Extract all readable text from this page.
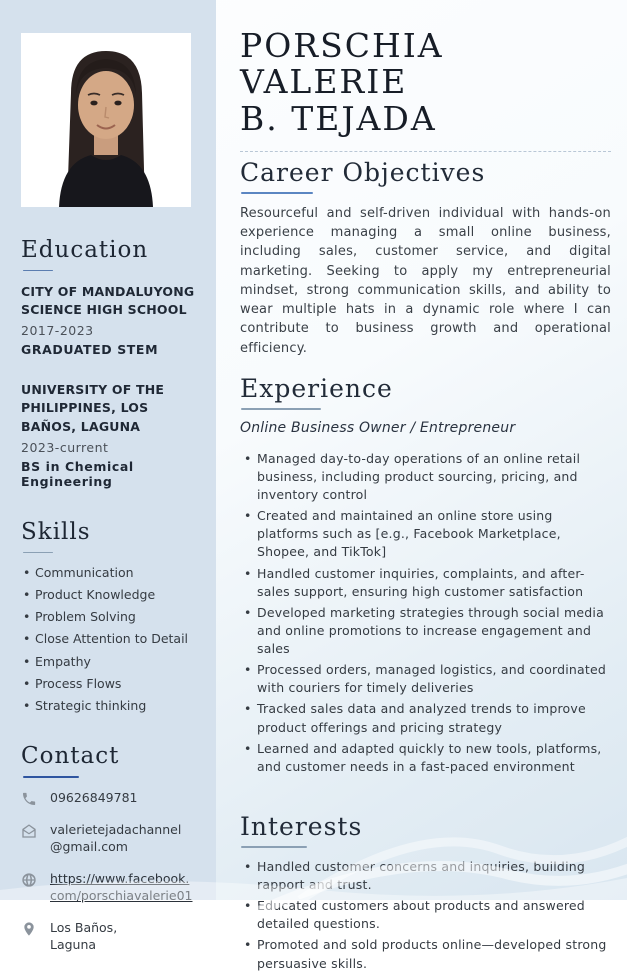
Education
CITY OF MANDALUYONG SCIENCE HIGH SCHOOL
2017-2023
GRADUATED STEM
UNIVERSITY OF THE PHILIPPINES, LOS BAÑOS, LAGUNA
2023-current
BS in Chemical Engineering
Skills
• Communication
• Product Knowledge
• Problem Solving
• Close Attention to Detail
• Empathy
• Process Flows
• Strategic thinking
Contact
09626849781
valerietejadachannel
@gmail.com
https://www.facebook.
com/porschiavalerie01
Los Baños,
Laguna
PORSCHIA
VALERIE
B. TEJADA
Career Objectives

Resourceful and self-driven individual with hands-on experience managing a small online business, including sales, customer service, and digital marketing. Seeking to apply my entrepreneurial mindset, strong communication skills, and ability to wear multiple hats in a dynamic role where I can contribute to business growth and operational efficiency.

Experience
Online Business Owner / Entrepreneur
• Managed day-to-day operations of an online retail business, including product sourcing, pricing, and inventory control
• Created and maintained an online store using platforms such as [e.g., Facebook Marketplace, Shopee, and TikTok]
• Handled customer inquiries, complaints, and after-sales support, ensuring high customer satisfaction
• Developed marketing strategies through social media and online promotions to increase engagement and sales
• Processed orders, managed logistics, and coordinated with couriers for timely deliveries
• Tracked sales data and analyzed trends to improve product offerings and pricing strategy
• Learned and adapted quickly to new tools, platforms, and customer needs in a fast-paced environment
Interests
• Handled customer concerns and inquiries, building rapport and trust.
• Educated customers about products and answered detailed questions.
• Promoted and sold products online—developed strong persuasive skills.
